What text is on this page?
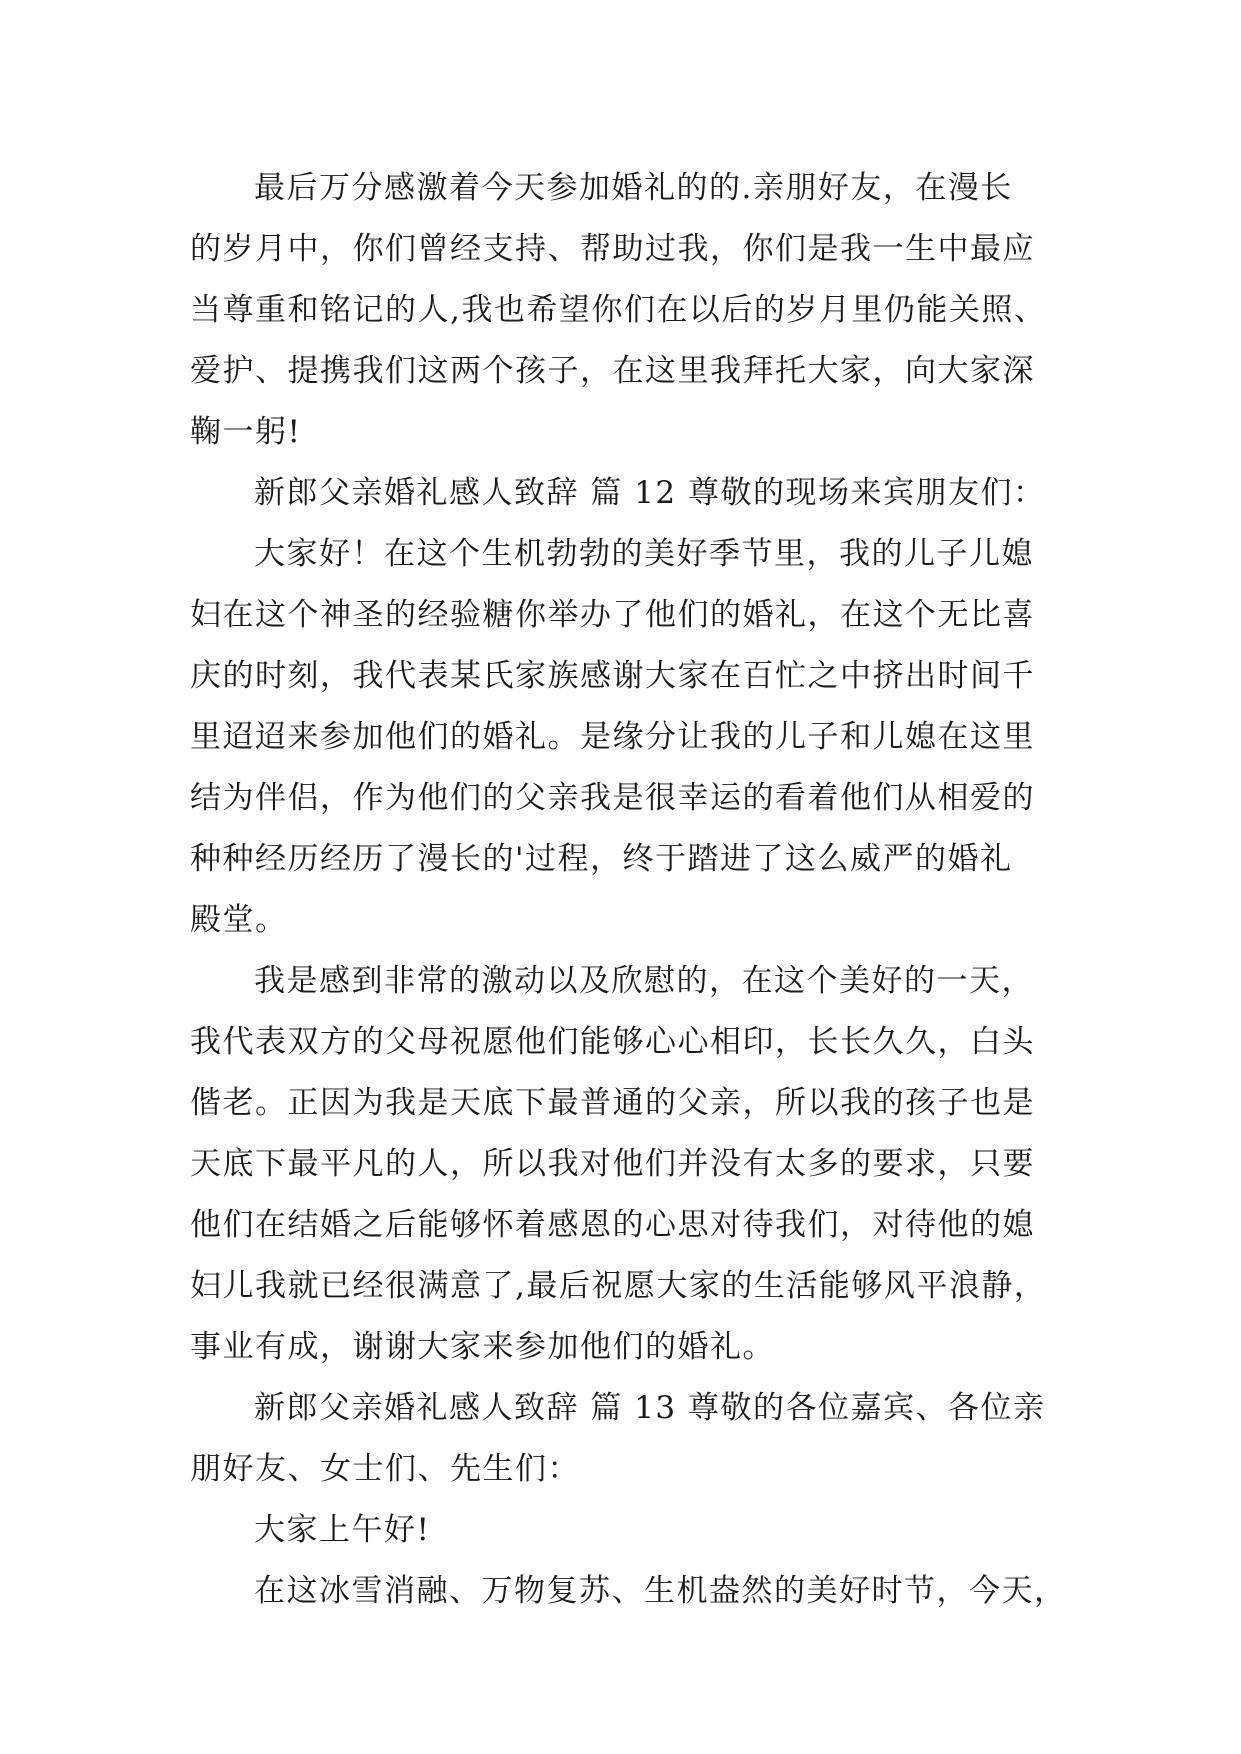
最后万分感激着今天参加婚礼的的.亲朋好友，在漫长
的岁月中，你们曾经支持、帮助过我，你们是我一生中最应
当尊重和铭记的人,我也希望你们在以后的岁月里仍能关照、
爱护、提携我们这两个孩子，在这里我拜托大家，向大家深
鞠一躬!
新郎父亲婚礼感人致辞 篇 12 尊敬的现场来宾朋友们：
大家好！在这个生机勃勃的美好季节里，我的儿子儿媳
妇在这个神圣的经验糖你举办了他们的婚礼，在这个无比喜
庆的时刻，我代表某氏家族感谢大家在百忙之中挤出时间千
里迢迢来参加他们的婚礼。是缘分让我的儿子和儿媳在这里
结为伴侣，作为他们的父亲我是很幸运的看着他们从相爱的
种种经历经历了漫长的'过程，终于踏进了这么威严的婚礼
殿堂。
我是感到非常的激动以及欣慰的，在这个美好的一天，
我代表双方的父母祝愿他们能够心心相印，长长久久，白头
偕老。正因为我是天底下最普通的父亲，所以我的孩子也是
天底下最平凡的人，所以我对他们并没有太多的要求，只要
他们在结婚之后能够怀着感恩的心思对待我们，对待他的媳
妇儿我就已经很满意了,最后祝愿大家的生活能够风平浪静，
事业有成，谢谢大家来参加他们的婚礼。
新郎父亲婚礼感人致辞 篇 13 尊敬的各位嘉宾、各位亲
朋好友、女士们、先生们：
大家上午好!
在这冰雪消融、万物复苏、生机盎然的美好时节，今天，
